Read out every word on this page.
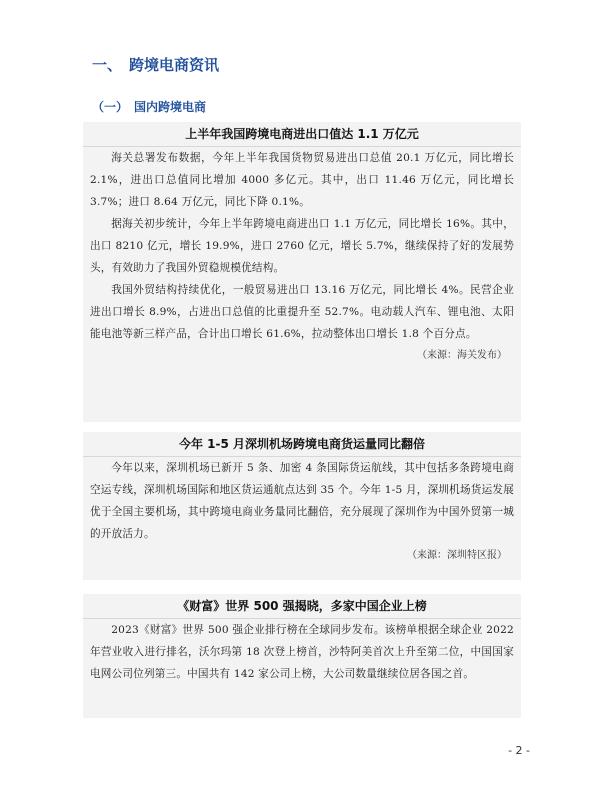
一、 跨境电商资讯
（一） 国内跨境电商
上半年我国跨境电商进出口值达 1.1 万亿元

海关总署发布数据，今年上半年我国货物贸易进出口总值 20.1 万亿元，同比增长 2.1%，进出口总值同比增加 4000 多亿元。其中，出口 11.46 万亿元，同比增长 3.7%；进口 8.64 万亿元，同比下降 0.1%。

据海关初步统计，今年上半年跨境电商进出口 1.1 万亿元，同比增长 16%。其中，出口 8210 亿元，增长 19.9%，进口 2760 亿元，增长 5.7%，继续保持了好的发展势头，有效助力了我国外贸稳规模优结构。

我国外贸结构持续优化，一般贸易进出口 13.16 万亿元，同比增长 4%。民营企业进出口增长 8.9%，占进出口总值的比重提升至 52.7%。电动载人汽车、锂电池、太阳能电池等新三样产品，合计出口增长 61.6%，拉动整体出口增长 1.8 个百分点。

（来源：海关发布）
今年 1-5 月深圳机场跨境电商货运量同比翻倍

今年以来，深圳机场已新开 5 条、加密 4 条国际货运航线，其中包括多条跨境电商空运专线，深圳机场国际和地区货运通航点达到 35 个。今年 1-5 月，深圳机场货运发展优于全国主要机场，其中跨境电商业务量同比翻倍，充分展现了深圳作为中国外贸第一城的开放活力。

（来源：深圳特区报）
《财富》世界 500 强揭晓，多家中国企业上榜

2023《财富》世界 500 强企业排行榜在全球同步发布。该榜单根据全球企业 2022 年营业收入进行排名，沃尔玛第 18 次登上榜首，沙特阿美首次上升至第二位，中国国家电网公司位列第三。中国共有 142 家公司上榜，大公司数量继续位居各国之首。

- 2 -
